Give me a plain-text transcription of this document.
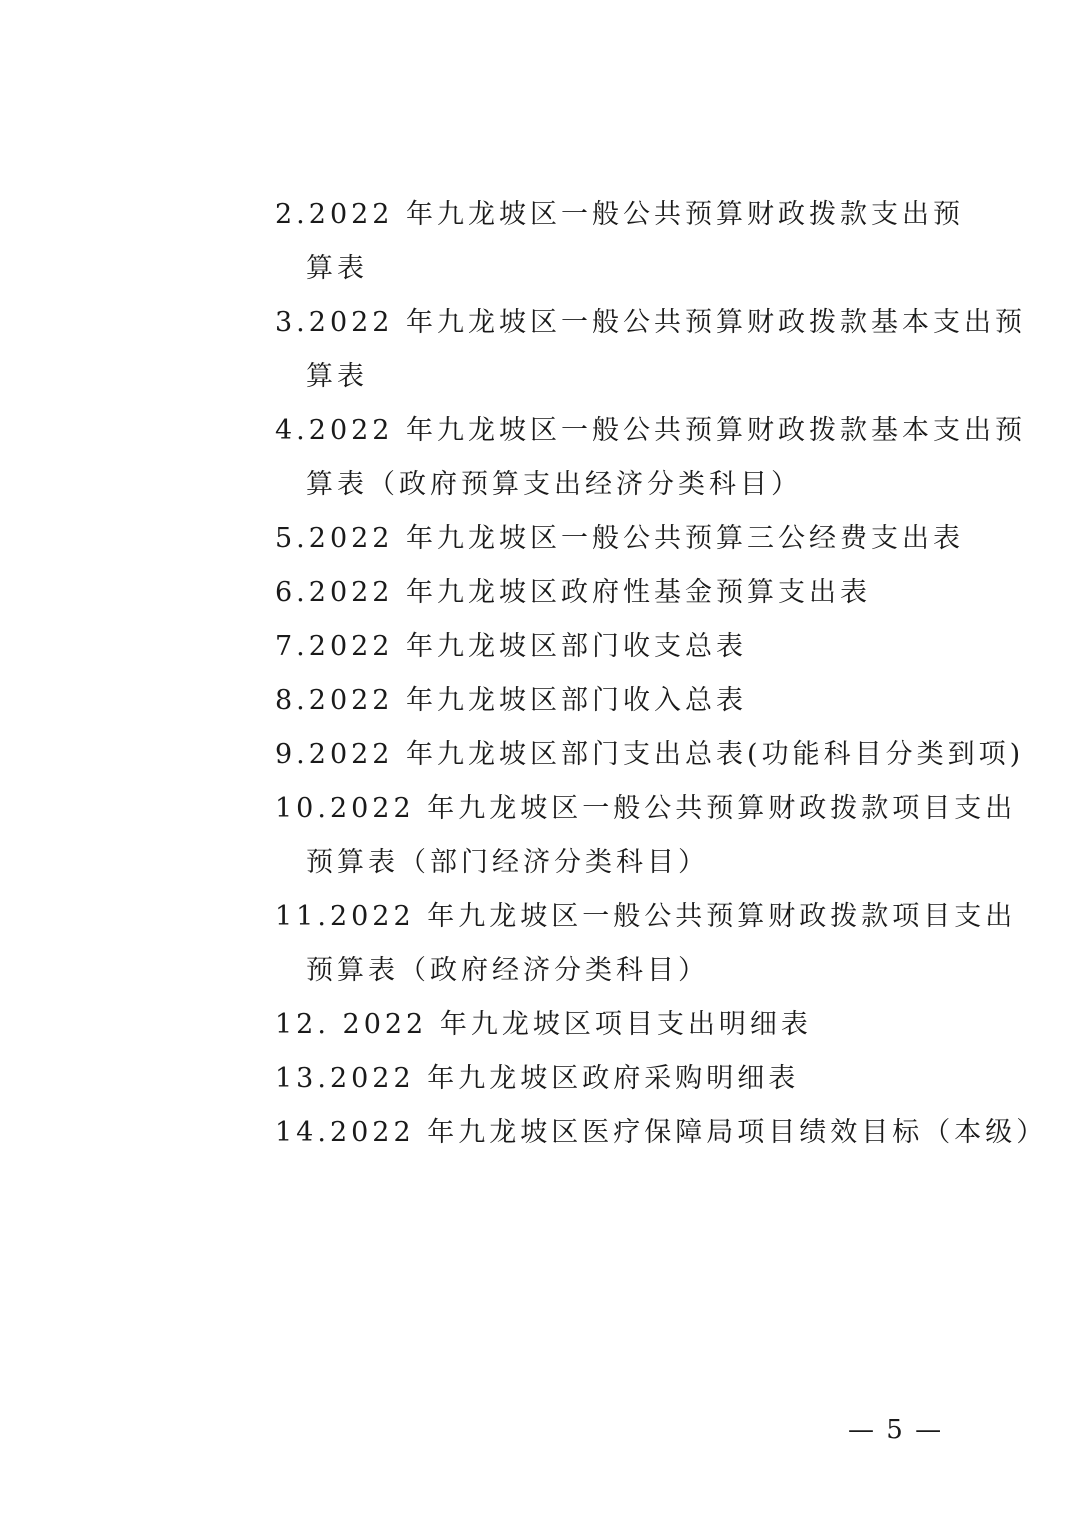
2.2022 年九龙坡区一般公共预算财政拨款支出预
算表
3.2022 年九龙坡区一般公共预算财政拨款基本支出预
算表
4.2022 年九龙坡区一般公共预算财政拨款基本支出预
算表（政府预算支出经济分类科目）
5.2022 年九龙坡区一般公共预算三公经费支出表
6.2022 年九龙坡区政府性基金预算支出表
7.2022 年九龙坡区部门收支总表
8.2022 年九龙坡区部门收入总表
9.2022 年九龙坡区部门支出总表(功能科目分类到项)
10.2022 年九龙坡区一般公共预算财政拨款项目支出
预算表（部门经济分类科目）
11.2022 年九龙坡区一般公共预算财政拨款项目支出
预算表（政府经济分类科目）
12. 2022 年九龙坡区项目支出明细表
13.2022 年九龙坡区政府采购明细表
14.2022 年九龙坡区医疗保障局项目绩效目标（本级）
— 5 —
